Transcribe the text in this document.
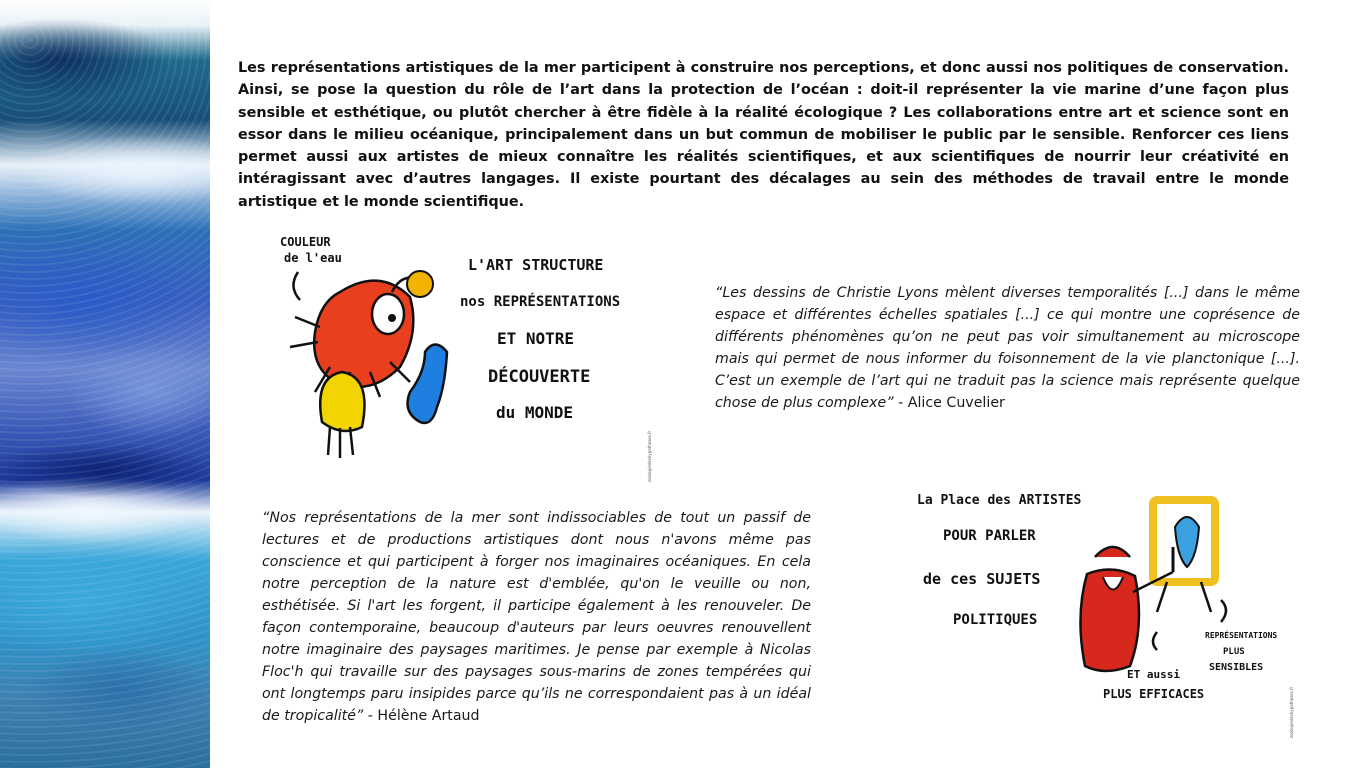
Les représentations artistiques de la mer participent à construire nos perceptions, et donc aussi nos politiques de conservation. Ainsi, se pose la question du rôle de l’art dans la protection de l’océan : doit-il représenter la vie marine d’une façon plus sensible et esthétique, ou plutôt chercher à être fidèle à la réalité écologique ? Les collaborations entre art et science sont en essor dans le milieu océanique, principalement dans un but commun de mobiliser le public par le sensible. Renforcer ces liens permet aussi aux artistes de mieux connaître les réalités scientifiques, et aux scientifiques de nourrir leur créativité en intéragissant avec d’autres langages. Il existe pourtant des décalages au sein des méthodes de travail entre le monde artistique et le monde scientifique.

COULEUR
de l'eau	L'ART STRUCTURE
nos REPRÉSENTATIONS
ET NOTRE
DÉCOUVERTE
du MONDE
zoologiedeshypotheses.fr

“Les dessins de Christie Lyons mèlent diverses temporalités [...] dans le même espace et différentes échelles spatiales [...] ce qui montre une coprésence de différents phénomènes qu’on ne peut pas voir simultanement au microscope mais qui permet de nous informer du foisonnement de la vie planctonique [...]. C’est un exemple de l’art qui ne traduit pas la science mais représente quelque chose de plus complexe” - Alice Cuvelier

“Nos représentations de la mer sont indissociables de tout un passif de lectures et de productions artistiques dont nous n'avons même pas conscience et qui participent à forger nos imaginaires océaniques. En cela notre perception de la nature est d'emblée, qu'on le veuille ou non, esthétisée. Si l'art les forgent, il participe également à les renouveler. De façon contemporaine, beaucoup d'auteurs par leurs oeuvres renouvellent notre imaginaire des paysages maritimes. Je pense par exemple à Nicolas Floc'h qui travaille sur des paysages sous-marins de zones tempérées qui ont longtemps paru insipides parce qu’ils ne correspondaient pas à un idéal de tropicalité” - Hélène Artaud

La Place des ARTISTES
POUR PARLER
de ces SUJETS
POLITIQUES
REPRÉSENTATIONS
PLUS
SENSIBLES
ET aussi
PLUS EFFICACES	zoologiedeshypotheses.fr
